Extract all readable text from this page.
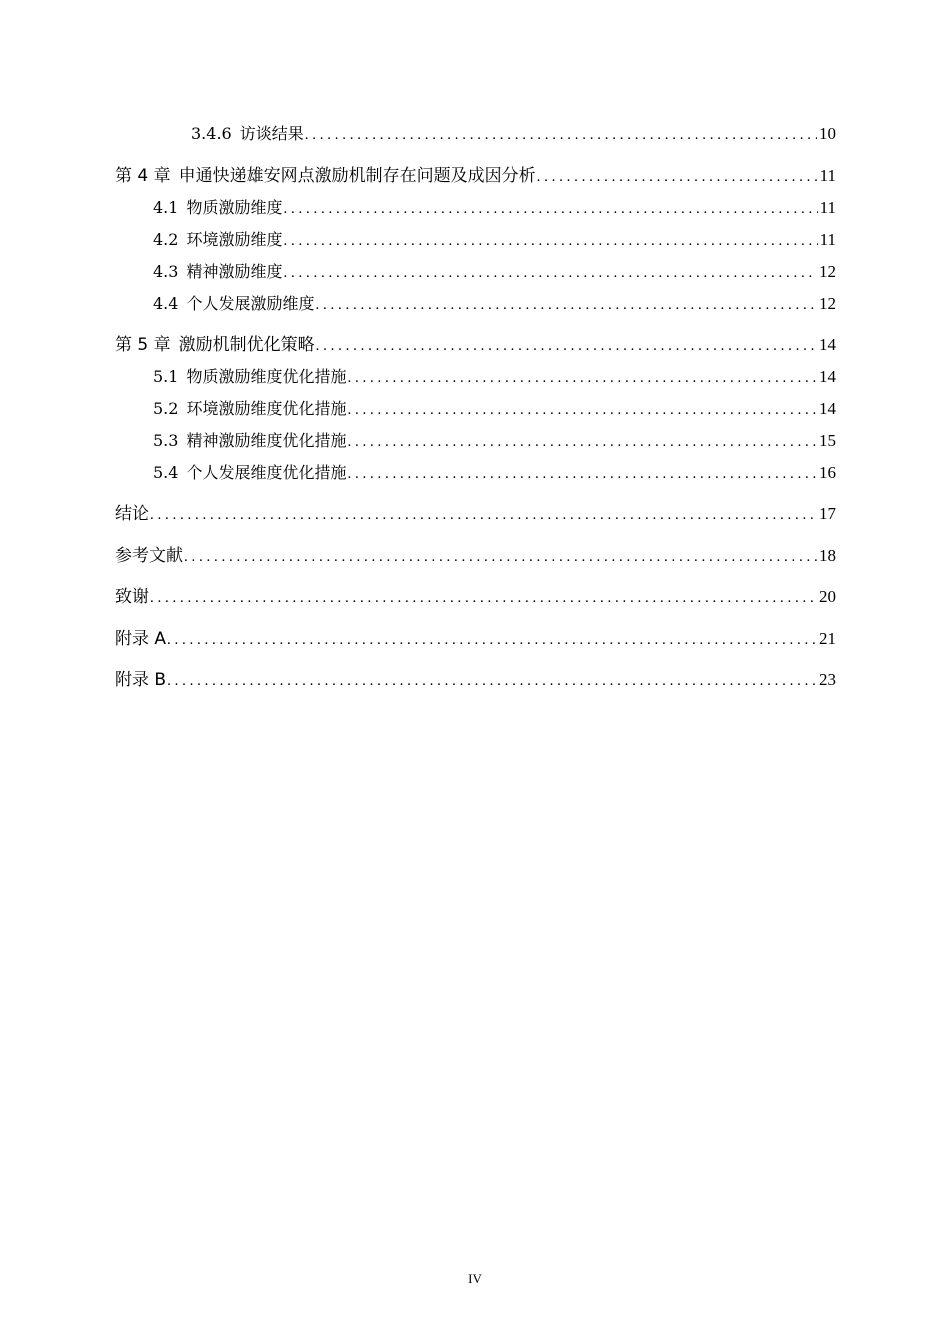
3.4.6 访谈结果 . . .	10
第 4 章 申通快递雄安网点激励机制存在问题及成因分析 . . .	11
4.1 物质激励维度 . . .	11
4.2 环境激励维度 . . .	11
4.3 精神激励维度 . . .	12
4.4 个人发展激励维度 . . .	12
第 5 章 激励机制优化策略 . . .	14
5.1 物质激励维度优化措施 . . .	14
5.2 环境激励维度优化措施 . . .	14
5.3 精神激励维度优化措施 . . .	15
5.4 个人发展维度优化措施 . . .	16
结论 . . .	17
参考文献 . . .	18
致谢 . . .	20
附录 A . . .	21
附录 B . . .	23
IV
